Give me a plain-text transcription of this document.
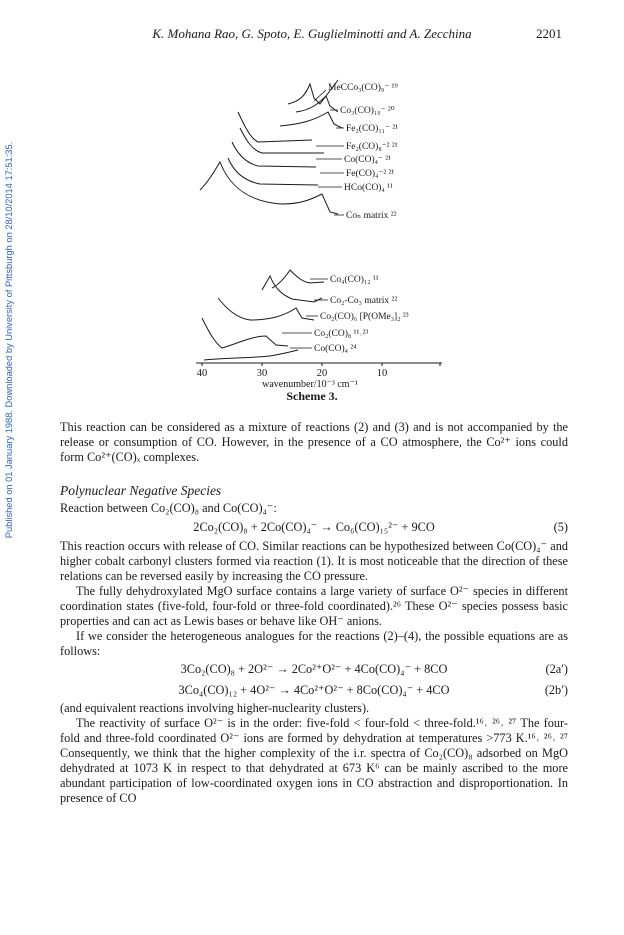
Published on 01 January 1988. Downloaded by University of Pittsburgh on 28/10/2014 17:51:35.
K. Mohana Rao, G. Spoto, E. Guglielminotti and A. Zecchina	2201
MeCCo₃(CO)₉⁻ ¹⁹
Co₃(CO)₁₀⁻ ²⁰
Fe₃(CO)₁₁⁻ ²¹
Fe₂(CO)₈⁻² ²¹
Co(CO)₄⁻ ²¹
Fe(CO)₄⁻² ²¹
HCo(CO)₄ ¹¹
Coₙ matrix ²²
Co₄(CO)₁₂ ¹¹
Co₂-Co₃ matrix ²²
Co₂(CO)₆ [P(OMe₃]₂ ²³
Co₂(CO)₈ ¹¹˒²³
Co(CO)₄ ²⁴
40	30	20	10
wavenumber/10⁻³ cm⁻¹
Scheme 3.

This reaction can be considered as a mixture of reactions (2) and (3) and is not accompanied by the release or consumption of CO. However, in the presence of a CO atmosphere, the Co²⁺ ions could form Co²⁺(CO)ₓ complexes.

Polynuclear Negative Species

Reaction between Co₂(CO)₈ and Co(CO)₄⁻:

2Co₂(CO)₈ + 2Co(CO)₄⁻ → Co₆(CO)₁₅²⁻ + 9CO	(5)

This reaction occurs with release of CO. Similar reactions can be hypothesized between Co(CO)₄⁻ and higher cobalt carbonyl clusters formed via reaction (1). It is most noticeable that the direction of these relations can be reversed easily by increasing the CO pressure.

The fully dehydroxylated MgO surface contains a large variety of surface O²⁻ species in different coordination states (five-fold, four-fold or three-fold coordinated).²⁶ These O²⁻ species possess basic properties and can act as Lewis bases or behave like OH⁻ anions.

If we consider the heterogeneous analogues for the reactions (2)–(4), the possible equations are as follows:

3Co₂(CO)₈ + 2O²⁻ → 2Co²⁺O²⁻ + 4Co(CO)₄⁻ + 8CO	(2a′)
3Co₄(CO)₁₂ + 4O²⁻ → 4Co²⁺O²⁻ + 8Co(CO)₄⁻ + 4CO	(2b′)

(and equivalent reactions involving higher-nuclearity clusters).

The reactivity of surface O²⁻ is in the order: five-fold < four-fold < three-fold.¹⁶˒ ²⁶˒ ²⁷ The four-fold and three-fold coordinated O²⁻ ions are formed by dehydration at temperatures >773 K.¹⁶˒ ²⁶˒ ²⁷ Consequently, we think that the higher complexity of the i.r. spectra of Co₂(CO)₈ adsorbed on MgO dehydrated at 1073 K in respect to that dehydrated at 673 K⁶ can be mainly ascribed to the more abundant participation of low-coordinated oxygen ions in CO abstraction and disproportionation. In presence of CO
